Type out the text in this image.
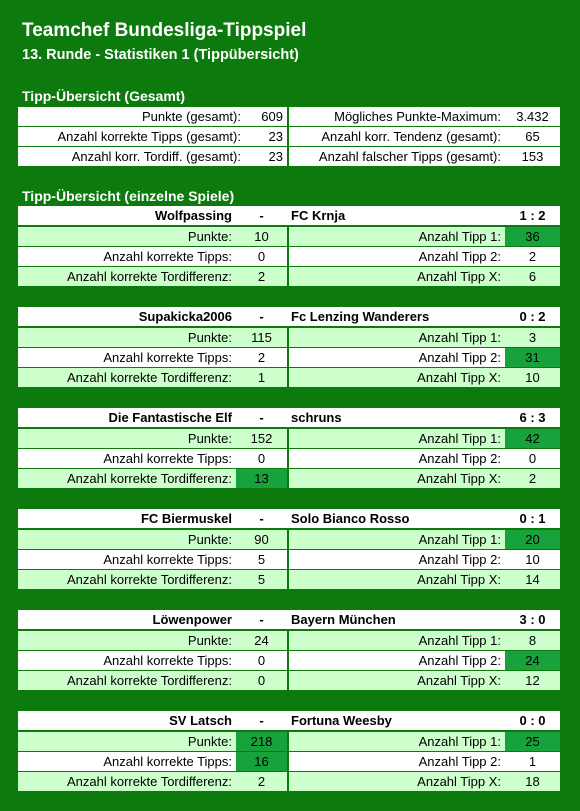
Teamchef Bundesliga-Tippspiel
13. Runde - Statistiken 1 (Tippübersicht)
Tipp-Übersicht (Gesamt)
Punkte (gesamt):	609	Mögliches Punkte-Maximum:	3.432
Anzahl korrekte Tipps (gesamt):	23	Anzahl korr. Tendenz (gesamt):	65
Anzahl korr. Tordiff. (gesamt):	23	Anzahl falscher Tipps (gesamt):	153
Tipp-Übersicht (einzelne Spiele)
Wolfpassing	-	FC Krnja	1 : 2
Punkte:	10	Anzahl Tipp 1:	36
Anzahl korrekte Tipps:	0	Anzahl Tipp 2:	2
Anzahl korrekte Tordifferenz:	2	Anzahl Tipp X:	6
Supakicka2006	-	Fc Lenzing Wanderers	0 : 2
Punkte:	115	Anzahl Tipp 1:	3
Anzahl korrekte Tipps:	2	Anzahl Tipp 2:	31
Anzahl korrekte Tordifferenz:	1	Anzahl Tipp X:	10
Die Fantastische Elf	-	schruns	6 : 3
Punkte:	152	Anzahl Tipp 1:	42
Anzahl korrekte Tipps:	0	Anzahl Tipp 2:	0
Anzahl korrekte Tordifferenz:	13	Anzahl Tipp X:	2
FC Biermuskel	-	Solo Bianco Rosso	0 : 1
Punkte:	90	Anzahl Tipp 1:	20
Anzahl korrekte Tipps:	5	Anzahl Tipp 2:	10
Anzahl korrekte Tordifferenz:	5	Anzahl Tipp X:	14
Löwenpower	-	Bayern München	3 : 0
Punkte:	24	Anzahl Tipp 1:	8
Anzahl korrekte Tipps:	0	Anzahl Tipp 2:	24
Anzahl korrekte Tordifferenz:	0	Anzahl Tipp X:	12
SV Latsch	-	Fortuna Weesby	0 : 0
Punkte:	218	Anzahl Tipp 1:	25
Anzahl korrekte Tipps:	16	Anzahl Tipp 2:	1
Anzahl korrekte Tordifferenz:	2	Anzahl Tipp X:	18
